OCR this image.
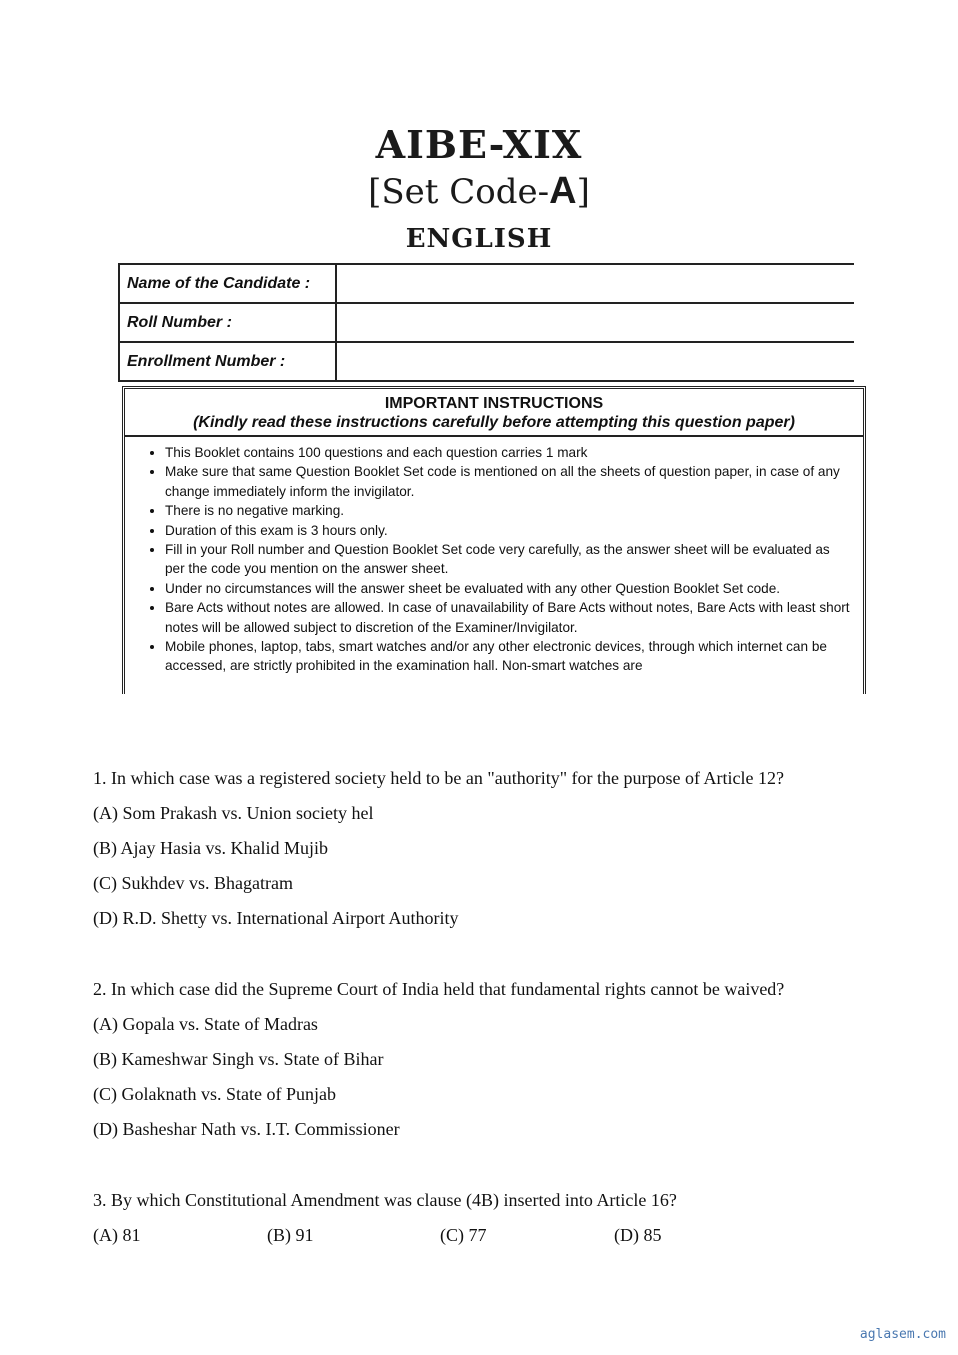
AIBE-XIX
[Set Code-A]
ENGLISH
Name of the Candidate :
Roll Number :
Enrollment Number :
IMPORTANT INSTRUCTIONS
(Kindly read these instructions carefully before attempting this question paper)
• This Booklet contains 100 questions and each question carries 1 mark
• Make sure that same Question Booklet Set code is mentioned on all the sheets of question paper, in case of any change immediately inform the invigilator.
• There is no negative marking.
• Duration of this exam is 3 hours only.
• Fill in your Roll number and Question Booklet Set code very carefully, as the answer sheet will be evaluated as per the code you mention on the answer sheet.
• Under no circumstances will the answer sheet be evaluated with any other Question Booklet Set code.
• Bare Acts without notes are allowed. In case of unavailability of Bare Acts without notes, Bare Acts with least short notes will be allowed subject to discretion of the Examiner/Invigilator.
• Mobile phones, laptop, tabs, smart watches and/or any other electronic devices, through which internet can be accessed, are strictly prohibited in the examination hall. Non-smart watches are
1. In which case was a registered society held to be an "authority" for the purpose of Article 12?
(A) Som Prakash vs. Union society hel
(B) Ajay Hasia vs. Khalid Mujib
(C) Sukhdev vs. Bhagatram
(D) R.D. Shetty vs. International Airport Authority
2. In which case did the Supreme Court of India held that fundamental rights cannot be waived?
(A) Gopala vs. State of Madras
(B) Kameshwar Singh vs. State of Bihar
(C) Golaknath vs. State of Punjab
(D) Basheshar Nath vs. I.T. Commissioner
3. By which Constitutional Amendment was clause (4B) inserted into Article 16?
(A) 81	(B) 91	(C) 77	(D) 85
aglasem.com
